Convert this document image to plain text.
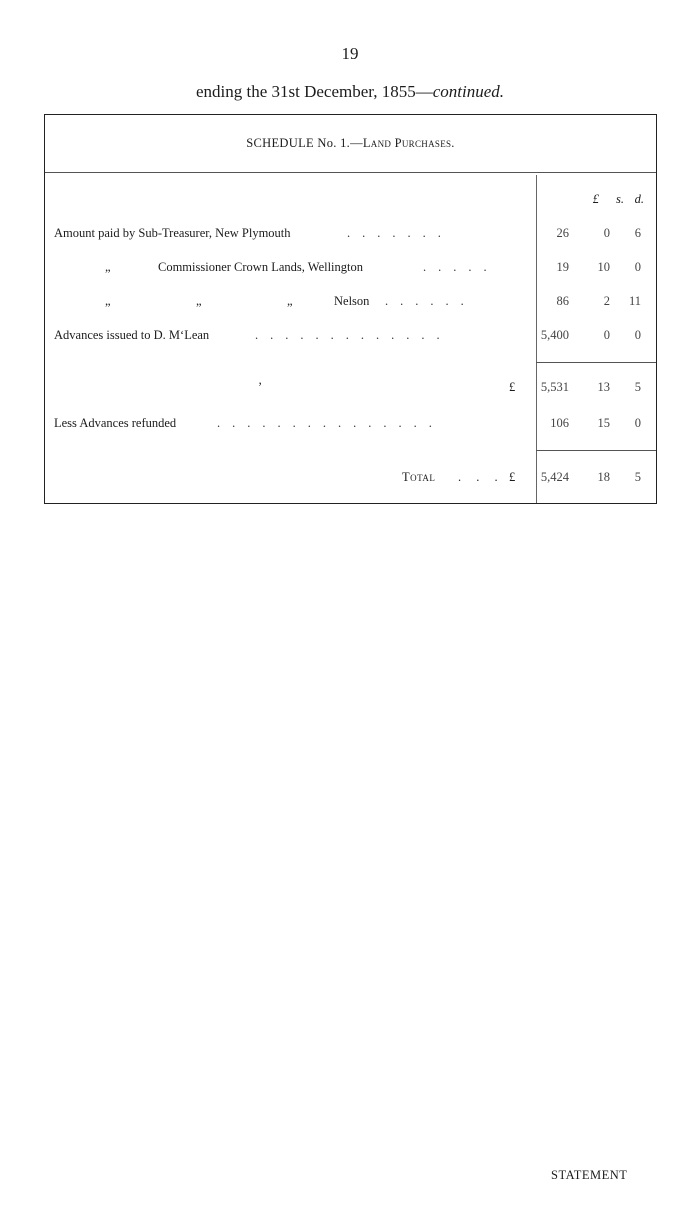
19
ending the 31st December, 1855—continued.
SCHEDULE No. 1.—Land Purchases.
£ s. d.
Amount paid by Sub-Treasurer, New Plymouth	.......	26	0	6
„	Commissioner Crown Lands, Wellington	.....	19	10	0
„	„	„	Nelson ......	86	2 11
Advances issued to D. M‘Lean	.............	5,400	0	0
’	£ 5,531	13	5
Less Advances refunded	...............	106	15	0
Total . . . £ 5,424	18	5
STATEMENT
